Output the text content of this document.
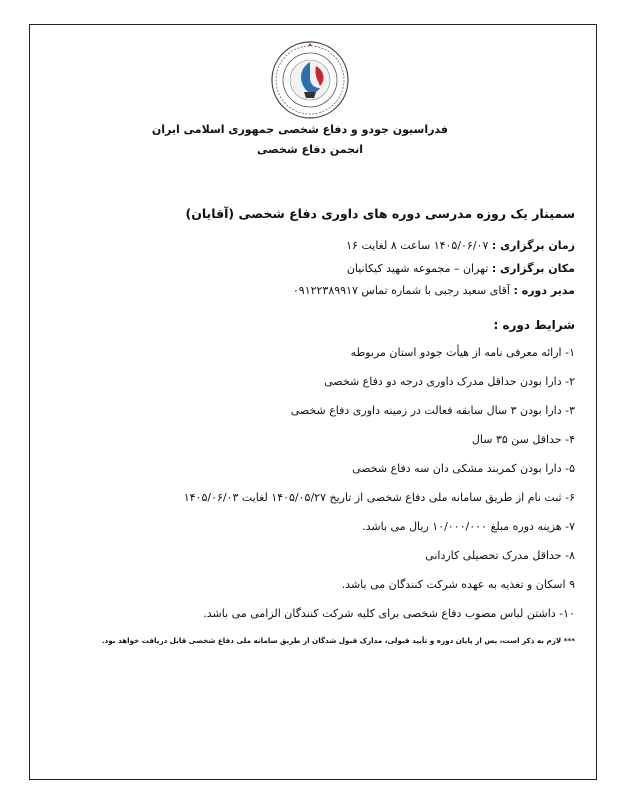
فدراسیون جودو و دفاع شخصی جمهوری اسلامی ایران
انجمن دفاع شخصی
سمینار یک روزه مدرسی دوره های داوری دفاع شخصی (آقایان)
زمان برگزاری : ۱۴۰۵/۰۶/۰۷ ساعت ۸ لغایت ۱۶
مکان برگزاری : تهران – مجموعه شهید کیکانیان
مدیر دوره : آقای سعید رجبی با شماره تماس ۰۹۱۲۲۳۸۹۹۱۷
شرایط دوره :
۱- ارائه معرفی نامه از هیأت جودو استان مربوطه
۲- دارا بودن حداقل مدرک داوری درجه دو دفاع شخصی
۳- دارا بودن ۳ سال سابقه فعالت در زمینه داوری دفاع شخصی
۴- حداقل سن ۳۵ سال
۵- دارا بودن کمربند مشکی دان سه دفاع شخصی
۶- ثبت نام از طریق سامانه ملی دفاع شخصی از تاریخ ۱۴۰۵/۰۵/۲۷ لغایت ۱۴۰۵/۰۶/۰۳
۷- هزینه دوره مبلغ ۱۰/۰۰۰/۰۰۰ ریال می باشد.
۸- حداقل مدرک تحصیلی کاردانی
۹ اسکان و تغذیه به عهده شرکت کنندگان می باشد.
۱۰- داشتن لباس مصوب دفاع شخصی برای کلیه شرکت کنندگان الزامی می باشد.
*** لازم به ذکر است، پس از پایان دوره و تأیید قبولی، مدارک قبول شدگان از طریق سامانه ملی دفاع شخصی قابل دریافت خواهد بود.
